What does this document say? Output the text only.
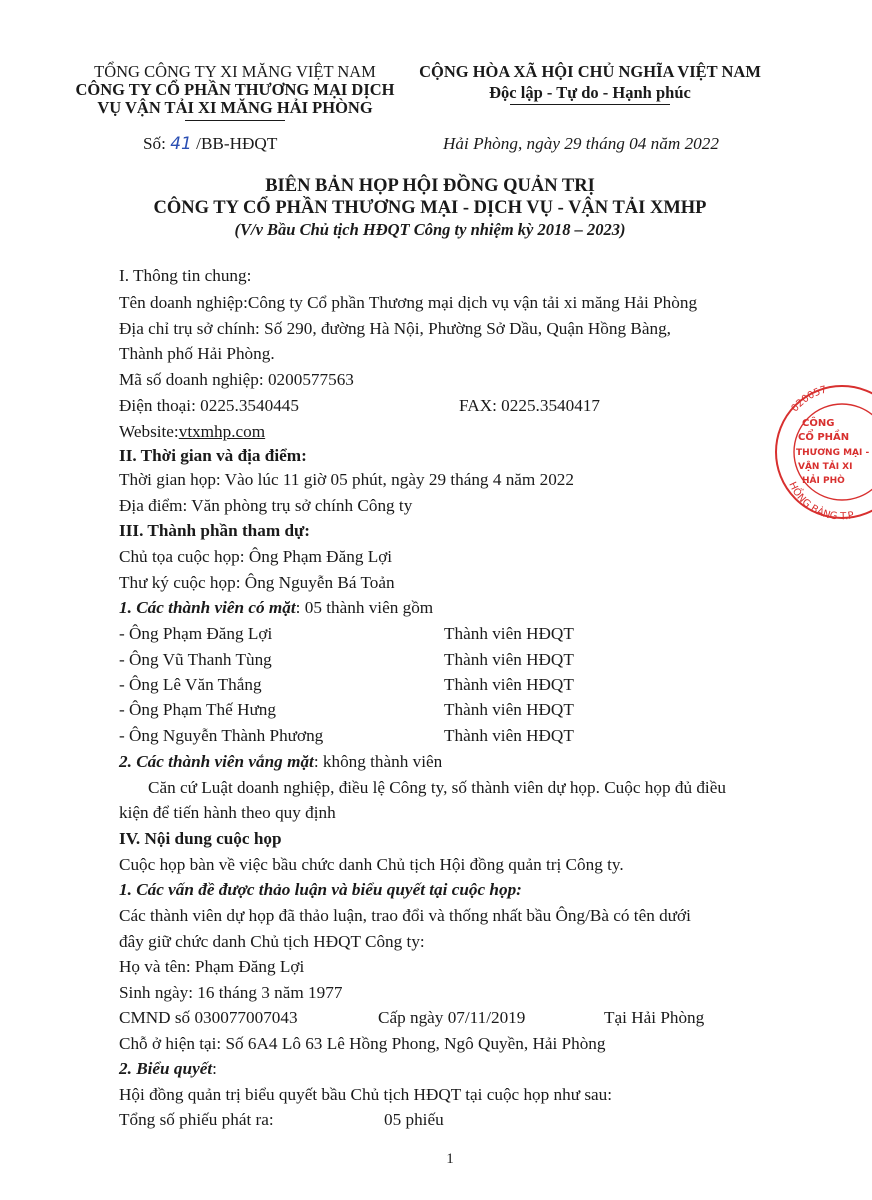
TỔNG CÔNG TY XI MĂNG VIỆT NAM
CÔNG TY CỔ PHẦN THƯƠNG MẠI DỊCH
VỤ VẬN TẢI XI MĂNG HẢI PHÒNG
CỘNG HÒA XÃ HỘI CHỦ NGHĨA VIỆT NAM
Độc lập - Tự do - Hạnh phúc
Số: 41 /BB-HĐQT	Hải Phòng, ngày 29 tháng 04 năm 2022
BIÊN BẢN HỌP HỘI ĐỒNG QUẢN TRỊ
CÔNG TY CỔ PHẦN THƯƠNG MẠI - DỊCH VỤ - VẬN TẢI XMHP
(V/v Bầu Chủ tịch HĐQT Công ty nhiệm kỳ 2018 – 2023)
I. Thông tin chung:
Tên doanh nghiệp:Công ty Cổ phần Thương mại dịch vụ vận tải xi măng Hải Phòng
Địa chỉ trụ sở chính: Số 290, đường Hà Nội, Phường Sở Dầu, Quận Hồng Bàng,
Thành phố Hải Phòng.
Mã số doanh nghiệp: 0200577563
Điện thoại: 0225.3540445	FAX: 0225.3540417
Website:vtxmhp.com
II. Thời gian và địa điểm:
Thời gian họp: Vào lúc 11 giờ 05 phút, ngày 29 tháng 4 năm 2022
Địa điểm: Văn phòng trụ sở chính Công ty
III. Thành phần tham dự:
Chủ tọa cuộc họp: Ông Phạm Đăng Lợi
Thư ký cuộc họp: Ông Nguyễn Bá Toản
1. Các thành viên có mặt: 05 thành viên gồm
- Ông Phạm Đăng Lợi	Thành viên HĐQT
- Ông Vũ Thanh Tùng	Thành viên HĐQT
- Ông Lê Văn Thắng	Thành viên HĐQT
- Ông Phạm Thế Hưng	Thành viên HĐQT
- Ông Nguyễn Thành Phương	Thành viên HĐQT
2. Các thành viên vắng mặt: không thành viên
Căn cứ Luật doanh nghiệp, điều lệ Công ty, số thành viên dự họp. Cuộc họp đủ điều
kiện để tiến hành theo quy định
IV. Nội dung cuộc họp
Cuộc họp bàn về việc bầu chức danh Chủ tịch Hội đồng quản trị Công ty.
1. Các vấn đề được thảo luận và biểu quyết tại cuộc họp:
Các thành viên dự họp đã thảo luận, trao đổi và thống nhất bầu Ông/Bà có tên dưới
đây giữ chức danh Chủ tịch HĐQT Công ty:
Họ và tên: Phạm Đăng Lợi
Sinh ngày: 16 tháng 3 năm 1977
CMND số 030077007043	Cấp ngày 07/11/2019	Tại Hải Phòng
Chỗ ở hiện tại: Số 6A4 Lô 63 Lê Hồng Phong, Ngô Quyền, Hải Phòng
2. Biểu quyết:
Hội đồng quản trị biểu quyết bầu Chủ tịch HĐQT tại cuộc họp như sau:
Tổng số phiếu phát ra:	05 phiếu
1
020057
HỒNG BÀNG T.P
CÔNG
CỔ PHẦN
THƯƠNG MẠI -
VẬN TẢI XI
HẢI PHÒ
